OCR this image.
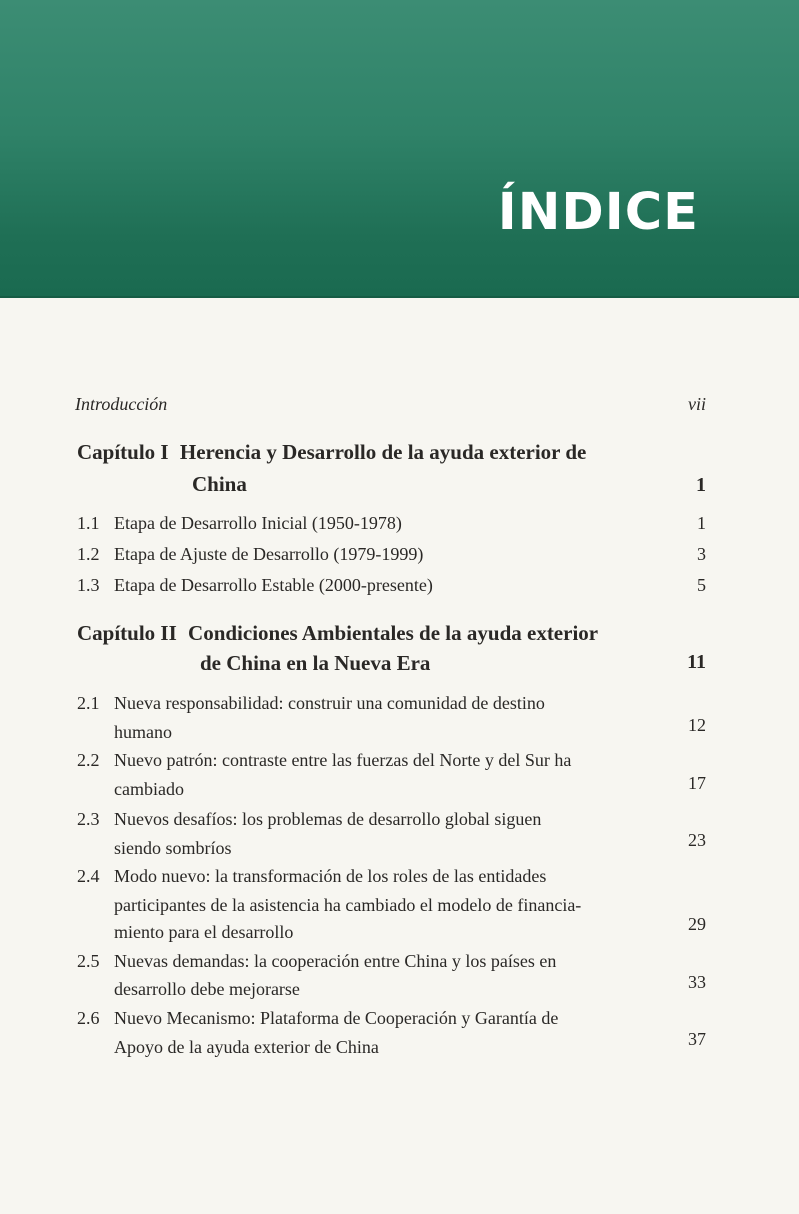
ÍNDICE
Introducción	vii
Capítulo I Herencia y Desarrollo de la ayuda exterior de
China	1
1.1 Etapa de Desarrollo Inicial (1950-1978)	1
1.2 Etapa de Ajuste de Desarrollo (1979-1999)	3
1.3 Etapa de Desarrollo Estable (2000-presente)	5
Capítulo II Condiciones Ambientales de la ayuda exterior
de China en la Nueva Era	11
2.1 Nueva responsabilidad: construir una comunidad de destino
humano	12
2.2 Nuevo patrón: contraste entre las fuerzas del Norte y del Sur ha
cambiado	17
2.3 Nuevos desafíos: los problemas de desarrollo global siguen
siendo sombríos	23
2.4 Modo nuevo: la transformación de los roles de las entidades
participantes de la asistencia ha cambiado el modelo de financia-
miento para el desarrollo	29
2.5 Nuevas demandas: la cooperación entre China y los países en
desarrollo debe mejorarse	33
2.6 Nuevo Mecanismo: Plataforma de Cooperación y Garantía de
Apoyo de la ayuda exterior de China	37
